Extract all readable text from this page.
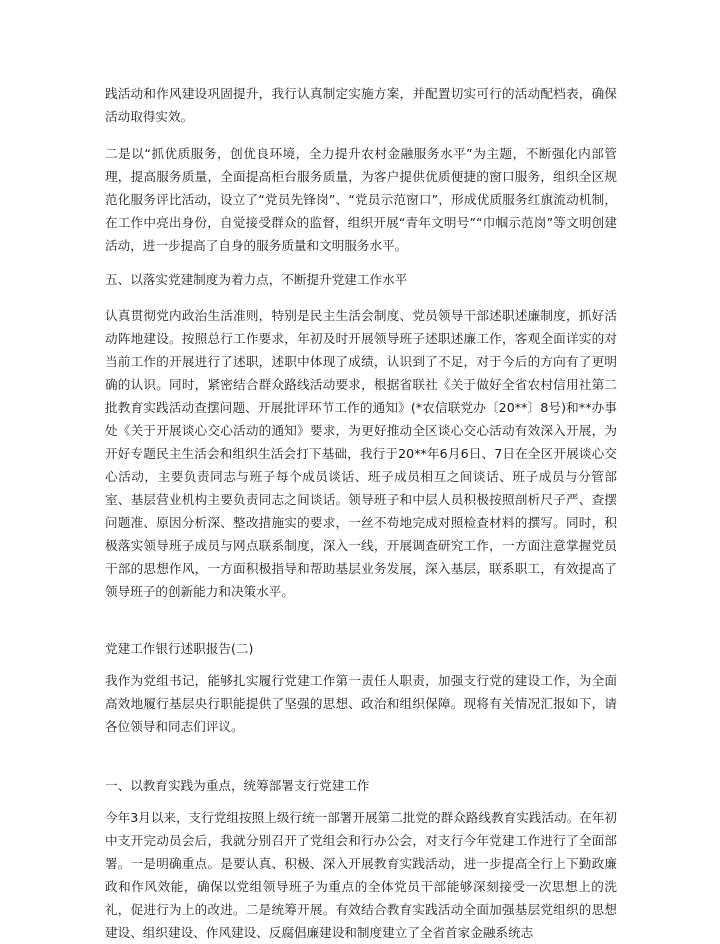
践活动和作风建设巩固提升，我行认真制定实施方案，并配置切实可行的活动配档表，确保活动取得实效。

二是以“抓优质服务，创优良环境，全力提升农村金融服务水平”为主题，不断强化内部管理，提高服务质量，全面提高柜台服务质量，为客户提供优质便捷的窗口服务，组织全区规范化服务评比活动，设立了“党员先锋岗”、“党员示范窗口”，形成优质服务红旗流动机制，在工作中亮出身份，自觉接受群众的监督，组织开展“青年文明号”“巾帼示范岗”等文明创建活动，进一步提高了自身的服务质量和文明服务水平。

五、以落实党建制度为着力点，不断提升党建工作水平

认真贯彻党内政治生活准则，特别是民主生活会制度、党员领导干部述职述廉制度，抓好活动阵地建设。按照总行工作要求，年初及时开展领导班子述职述廉工作，客观全面详实的对当前工作的开展进行了述职，述职中体现了成绩，认识到了不足，对于今后的方向有了更明确的认识。同时，紧密结合群众路线活动要求，根据省联社《关于做好全省农村信用社第二批教育实践活动查摆问题、开展批评环节工作的通知》(*农信联党办〔20**〕8号)和**办事处《关于开展谈心交心活动的通知》要求，为更好推动全区谈心交心活动有效深入开展，为开好专题民主生活会和组织生活会打下基础，我行于20**年6月6日、7日在全区开展谈心交心活动，主要负责同志与班子每个成员谈话、班子成员相互之间谈话、班子成员与分管部室、基层营业机构主要负责同志之间谈话。领导班子和中层人员积极按照剖析尺子严、查摆问题准、原因分析深、整改措施实的要求，一丝不苟地完成对照检查材料的撰写。同时，积极落实领导班子成员与网点联系制度，深入一线，开展调查研究工作，一方面注意掌握党员干部的思想作风，一方面积极指导和帮助基层业务发展，深入基层，联系职工，有效提高了领导班子的创新能力和决策水平。

党建工作银行述职报告(二)

我作为党组书记，能够扎实履行党建工作第一责任人职责，加强支行党的建设工作，为全面高效地履行基层央行职能提供了坚强的思想、政治和组织保障。现将有关情况汇报如下，请各位领导和同志们评议。

一、以教育实践为重点，统筹部署支行党建工作

今年3月以来，支行党组按照上级行统一部署开展第二批党的群众路线教育实践活动。在年初中支开完动员会后，我就分别召开了党组会和行办公会，对支行今年党建工作进行了全面部署。一是明确重点。是要认真、积极、深入开展教育实践活动，进一步提高全行上下勤政廉政和作风效能，确保以党组领导班子为重点的全体党员干部能够深刻接受一次思想上的洗礼，促进行为上的改进。二是统筹开展。有效结合教育实践活动全面加强基层党组织的思想建设、组织建设、作风建设、反腐倡廉建设和制度建立了全省首家金融系统志
